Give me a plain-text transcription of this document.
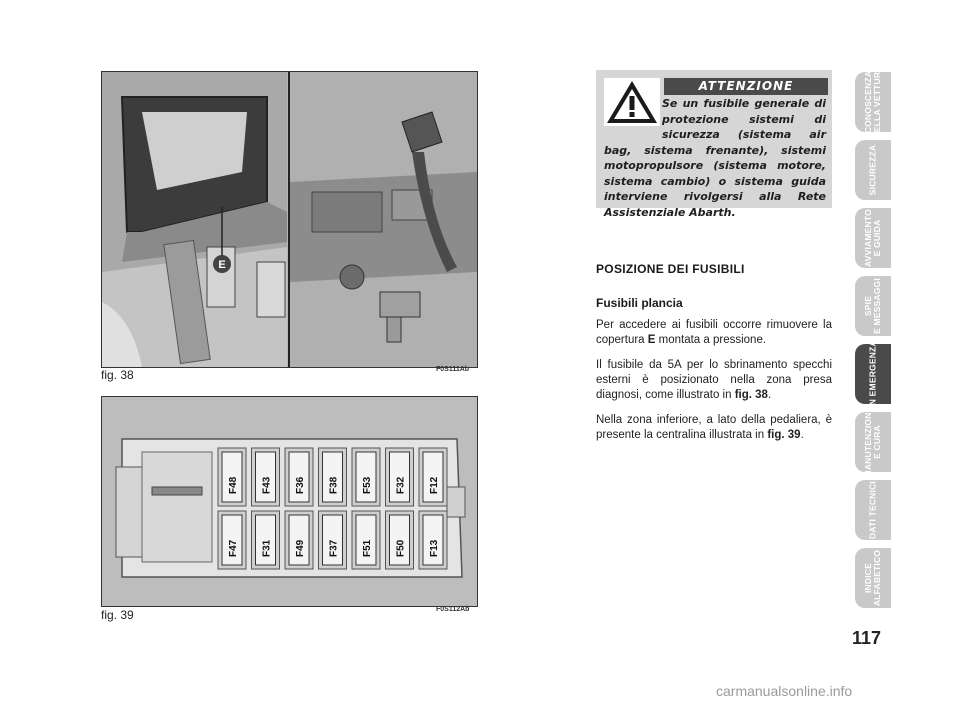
E
fig. 38	F0S111Ab
F48 F43 F36 F38 F53 F32 F12
F47 F31 F49 F37 F51 F50 F13
fig. 39	F0S112Ab
ATTENZIONE
Se un fusibile generale di protezione sistemi di sicurezza (sistema air bag, sistema frenante), sistemi motopropulsore (sistema motore, sistema cambio) o sistema guida interviene rivolgersi alla Rete Assistenziale Abarth.
POSIZIONE DEI FUSIBILI
Fusibili plancia
Per accedere ai fusibili occorre rimuovere la copertura E montata a pressione.
Il fusibile da 5A per lo sbrinamento specchi esterni è posizionato nella zona presa diagnosi, come illustrato in fig. 38.
Nella zona inferiore, a lato della pedaliera, è presente la centralina illustrata in fig. 39.
CONOSCENZA DELLA VETTURA
SICUREZZA
AVVIAMENTO E GUIDA
SPIE E MESSAGGI
IN EMERGENZA
MANUTENZIONE E CURA
DATI TECNICI
INDICE ALFABETICO
117
carmanualsonline.info
